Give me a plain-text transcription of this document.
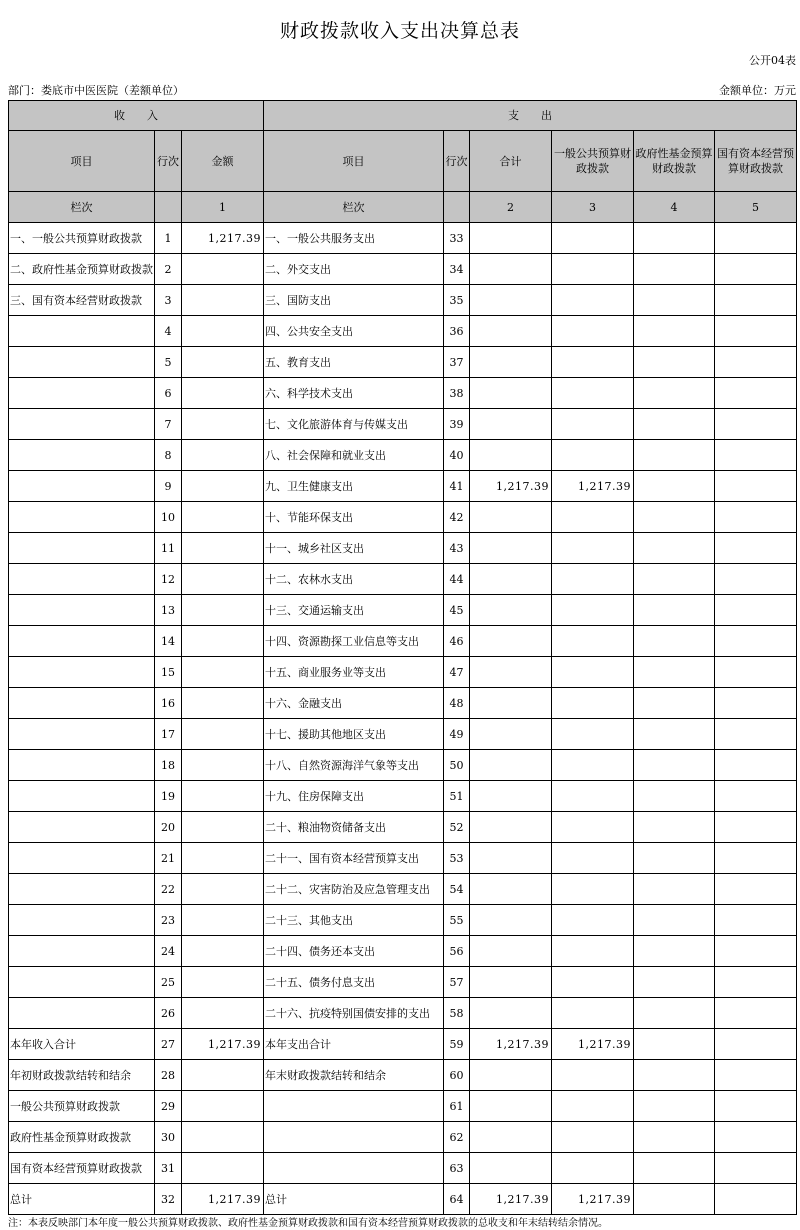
财政拨款收入支出决算总表
公开04表
部门：娄底市中医医院（差额单位）	金额单位：万元
收　　入			支　　出					
项目	行次	金额	项目	行次	合计	一般公共预算财政拨款	政府性基金预算财政拨款	国有资本经营预算财政拨款
栏次		1	栏次		2	3	4	5
一、一般公共预算财政拨款	1	1,217.39	一、一般公共服务支出	33				
二、政府性基金预算财政拨款	2		二、外交支出	34				
三、国有资本经营财政拨款	3		三、国防支出	35				
	4		四、公共安全支出	36				
	5		五、教育支出	37				
	6		六、科学技术支出	38				
	7		七、文化旅游体育与传媒支出	39				
	8		八、社会保障和就业支出	40				
	9		九、卫生健康支出	41	1,217.39	1,217.39		
	10		十、节能环保支出	42				
	11		十一、城乡社区支出	43				
	12		十二、农林水支出	44				
	13		十三、交通运输支出	45				
	14		十四、资源勘探工业信息等支出	46				
	15		十五、商业服务业等支出	47				
	16		十六、金融支出	48				
	17		十七、援助其他地区支出	49				
	18		十八、自然资源海洋气象等支出	50				
	19		十九、住房保障支出	51				
	20		二十、粮油物资储备支出	52				
	21		二十一、国有资本经营预算支出	53				
	22		二十二、灾害防治及应急管理支出	54				
	23		二十三、其他支出	55				
	24		二十四、债务还本支出	56				
	25		二十五、债务付息支出	57				
	26		二十六、抗疫特别国债安排的支出	58				
本年收入合计	27	1,217.39	本年支出合计	59	1,217.39	1,217.39		
年初财政拨款结转和结余	28		年末财政拨款结转和结余	60				
一般公共预算财政拨款	29			61				
政府性基金预算财政拨款	30			62				
国有资本经营预算财政拨款	31			63				
总计	32	1,217.39	总计	64	1,217.39	1,217.39		
注：本表反映部门本年度一般公共预算财政拨款、政府性基金预算财政拨款和国有资本经营预算财政拨款的总收支和年末结转结余情况。
